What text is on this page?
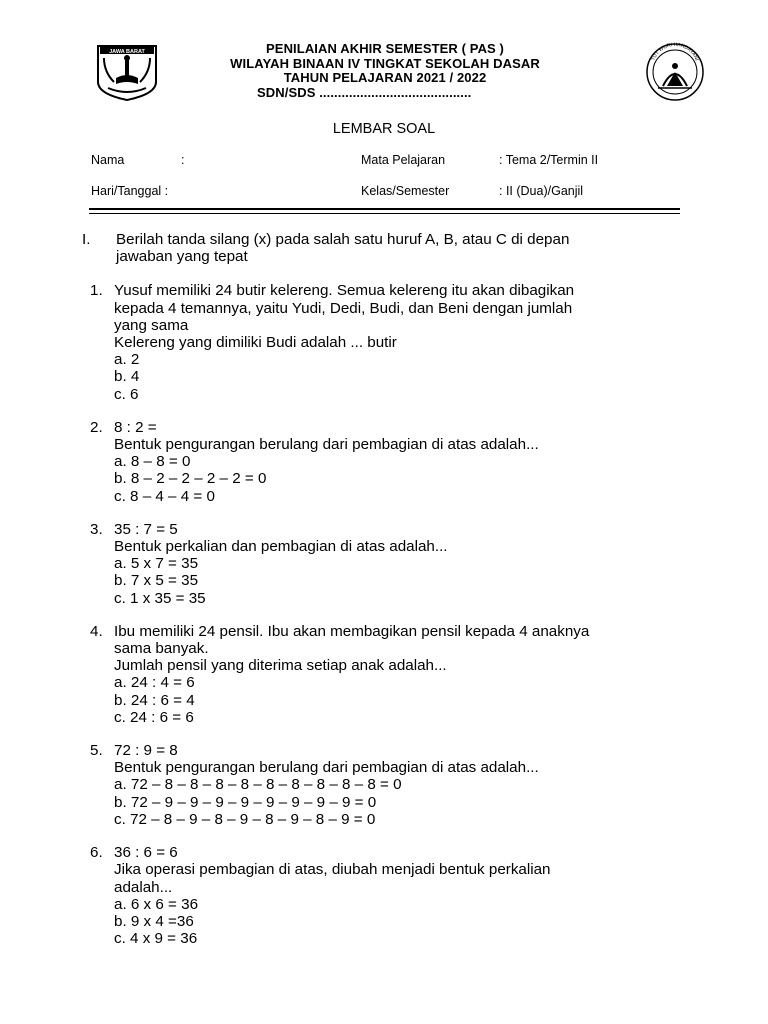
JAWA BARAT	PENILAIAN AKHIR SEMESTER ( PAS )
WILAYAH BINAAN IV TINGKAT SEKOLAH DASAR
TAHUN PELAJARAN 2021 / 2022
SDN/SDS .........................................
TUT WURI HANDAYANI
LEMBAR SOAL
Nama	:
Hari/Tanggal :
Mata Pelajaran	: Tema 2/Termin II
Kelas/Semester	: II (Dua)/Ganjil
I.	Berilah tanda silang (x) pada salah satu huruf A, B, atau C di depan
jawaban yang tepat
1. Yusuf memiliki 24 butir kelereng. Semua kelereng itu akan dibagikan
kepada 4 temannya, yaitu Yudi, Dedi, Budi, dan Beni dengan jumlah
yang sama
Kelereng yang dimiliki Budi adalah ... butir
a. 2
b. 4
c. 6
2. 8 : 2 =
Bentuk pengurangan berulang dari pembagian di atas adalah...
a. 8 – 8 = 0
b. 8 – 2 – 2 – 2 – 2 = 0
c. 8 – 4 – 4 = 0
3. 35 : 7 = 5
Bentuk perkalian dan pembagian di atas adalah...
a. 5 x 7 = 35
b. 7 x 5 = 35
c. 1 x 35 = 35
4. Ibu memiliki 24 pensil. Ibu akan membagikan pensil kepada 4 anaknya
sama banyak.
Jumlah pensil yang diterima setiap anak adalah...
a. 24 : 4 = 6
b. 24 : 6 = 4
c. 24 : 6 = 6
5. 72 : 9 = 8
Bentuk pengurangan berulang dari pembagian di atas adalah...
a. 72 – 8 – 8 – 8 – 8 – 8 – 8 – 8 – 8 – 8 = 0
b. 72 – 9 – 9 – 9 – 9 – 9 – 9 – 9 – 9 = 0
c. 72 – 8 – 9 – 8 – 9 – 8 – 9 – 8 – 9 = 0
6. 36 : 6 = 6
Jika operasi pembagian di atas, diubah menjadi bentuk perkalian
adalah...
a. 6 x 6 = 36
b. 9 x 4 =36
c. 4 x 9 = 36
